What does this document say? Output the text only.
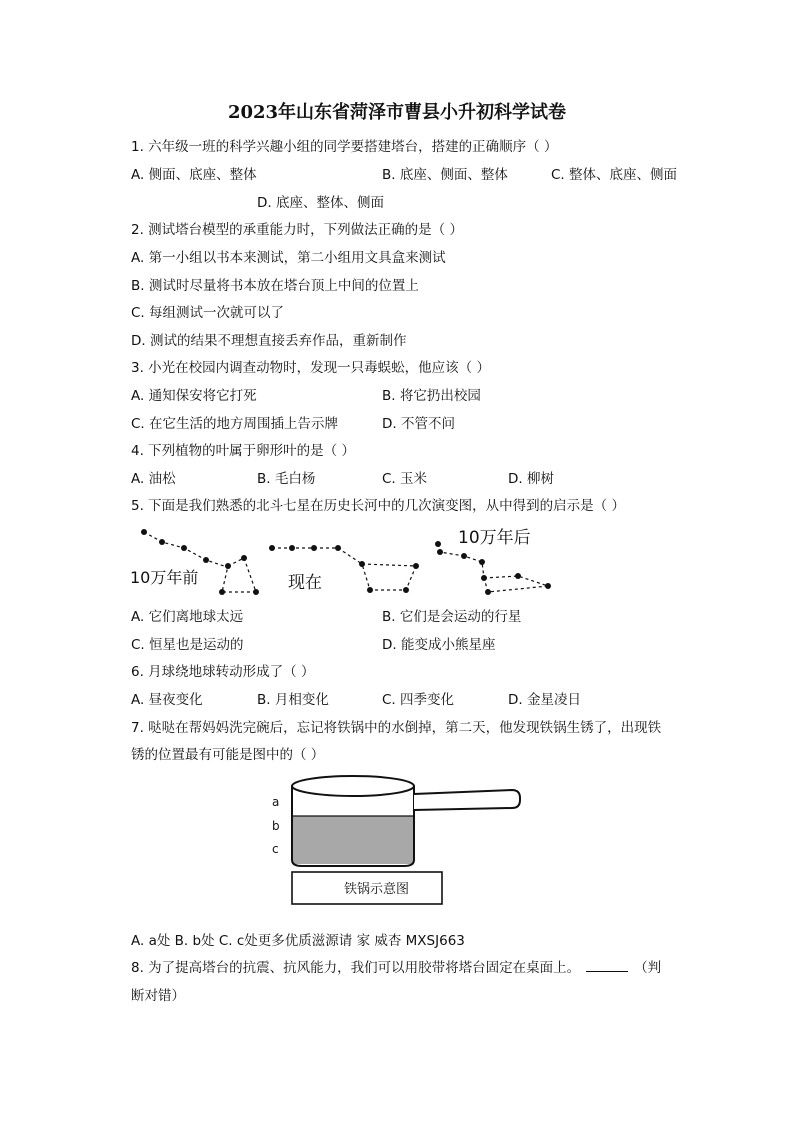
2023年山东省菏泽市曹县小升初科学试卷
1. 六年级一班的科学兴趣小组的同学要搭建塔台，搭建的正确顺序（ ）
A. 侧面、底座、整体	B. 底座、侧面、整体	C. 整体、底座、侧面
D. 底座、整体、侧面
2. 测试塔台模型的承重能力时，下列做法正确的是（ ）
A. 第一小组以书本来测试，第二小组用文具盒来测试
B. 测试时尽量将书本放在塔台顶上中间的位置上
C. 每组测试一次就可以了
D. 测试的结果不理想直接丢弃作品，重新制作
3. 小光在校园内调查动物时，发现一只毒蜈蚣，他应该（ ）
A. 通知保安将它打死	B. 将它扔出校园
C. 在它生活的地方周围插上告示牌	D. 不管不问
4. 下列植物的叶属于卵形叶的是（ ）
A. 油松	B. 毛白杨	C. 玉米	D. 柳树
5. 下面是我们熟悉的北斗七星在历史长河中的几次演变图，从中得到的启示是（ ）
10万年前	现在
10万年后
A. 它们离地球太远	B. 它们是会运动的行星
C. 恒星也是运动的	D. 能变成小熊星座
6. 月球绕地球转动形成了（ ）
A. 昼夜变化	B. 月相变化	C. 四季变化	D. 金星凌日
7. 哒哒在帮妈妈洗完碗后，忘记将铁锅中的水倒掉，第二天，他发现铁锅生锈了，出现铁
锈的位置最有可能是图中的（ ）
a
b
c
铁锅示意图
A. a处 B. b处 C. c处更多优质滋源请 家 威杏 MXSJ663
8. 为了提高塔台的抗震、抗风能力，我们可以用胶带将塔台固定在桌面上。	（判
断对错）
